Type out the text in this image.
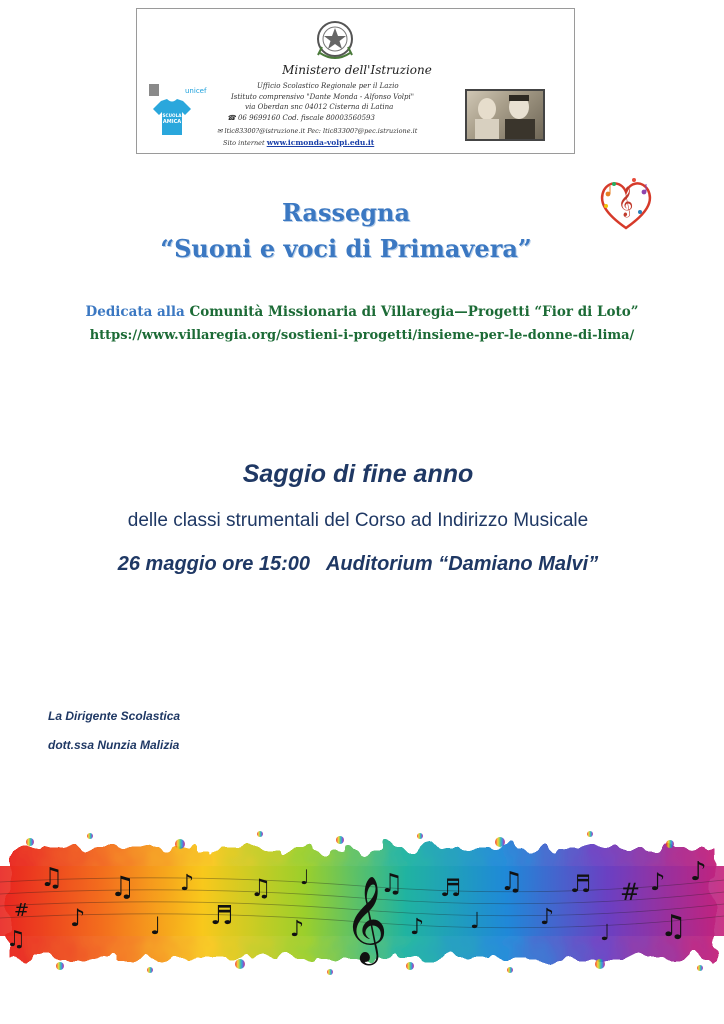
Ministero dell'Istruzione
Ufficio Scolastico Regionale per il Lazio
Istituto comprensivo "Dante Monda - Alfonso Volpi"
via Oberdan snc 04012 Cisterna di Latina
☎ 06 9699160 Cod. fiscale 80003560593
✉ ltic83300?@istruzione.it Pec: ltic83300?@pec.istruzione.it
Sito internet www.icmonda-volpi.edu.it
unicef
SCUOLA
AMICA
𝄞
Rassegna
“Suoni e voci di Primavera”
Dedicata alla Comunità Missionaria di Villaregia—Progetti “Fior di Loto”
https://www.villaregia.org/sostieni-i-progetti/insieme-per-le-donne-di-lima/
Saggio di fine anno
delle classi strumentali del Corso ad Indirizzo Musicale
26 maggio ore 15:00   Auditorium “Damiano Malvi”
La Dirigente Scolastica
dott.ssa Nunzia Malizia
♫
# ♪
♫
♩
♪
♬
♫
♪
♩	♫
♪
♬
♩
♫
♪
♬ # ♪ ♪
♫
♩
♫	𝄞
